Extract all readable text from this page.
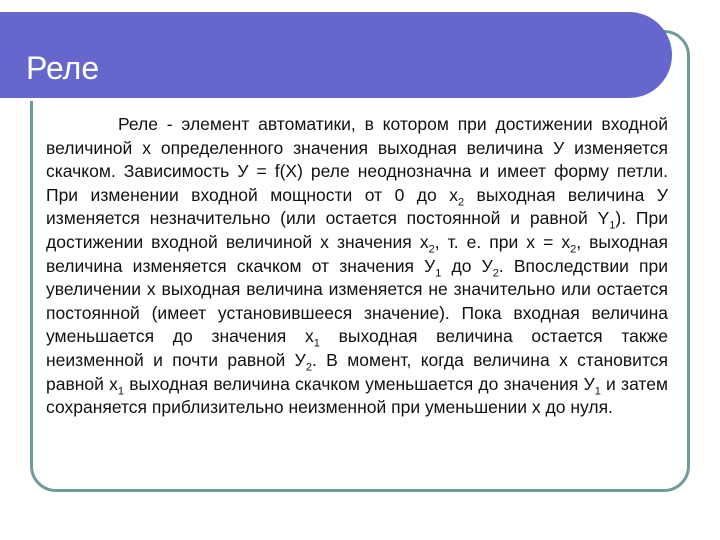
Реле

Реле - элемент автоматики, в котором при достижении входной величиной х определенного значения выходная величина У изменяется скачком. Зависимость У = f(X) реле неоднозначна и имеет форму петли. При изменении входной мощности от 0 до $х_2$ выходная величина У изменяется незначительно (или остается постоянной и равной $Y_1$). При достижении входной величиной х значения $х_2$, т. е. при $х = х_2$, выходная величина изменяется скачком от значения $У_1$ до $У_2$. Впоследствии при увеличении х выходная величина изменяется не значительно или остается постоянной (имеет установившееся значение). Пока входная величина уменьшается до значения $х_1$ выходная величина остается также неизменной и почти равной $У_2$. В момент, когда величина х становится равной $х_1$ выходная величина скачком уменьшается до значения $У_1$ и затем сохраняется приблизительно неизменной при уменьшении х до нуля.
